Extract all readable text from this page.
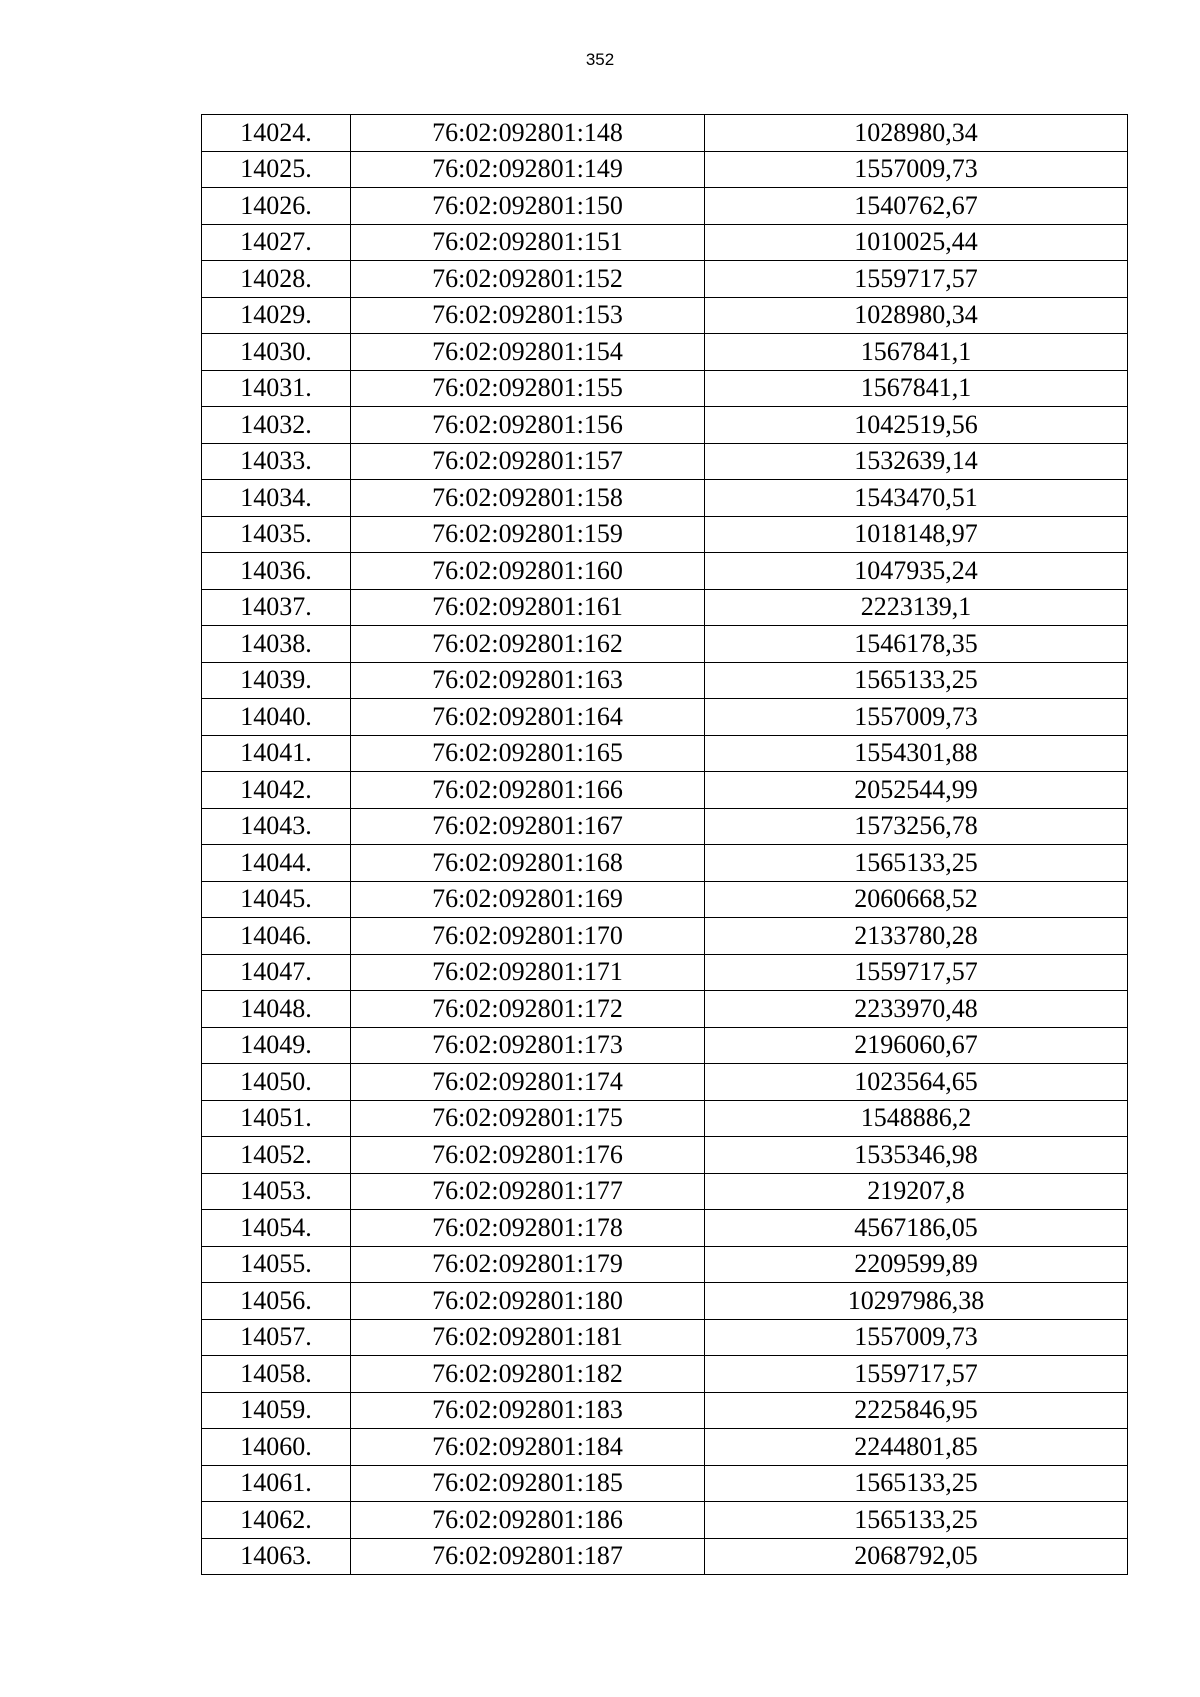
352
14024.	76:02:092801:148	1028980,34
14025.	76:02:092801:149	1557009,73
14026.	76:02:092801:150	1540762,67
14027.	76:02:092801:151	1010025,44
14028.	76:02:092801:152	1559717,57
14029.	76:02:092801:153	1028980,34
14030.	76:02:092801:154	1567841,1
14031.	76:02:092801:155	1567841,1
14032.	76:02:092801:156	1042519,56
14033.	76:02:092801:157	1532639,14
14034.	76:02:092801:158	1543470,51
14035.	76:02:092801:159	1018148,97
14036.	76:02:092801:160	1047935,24
14037.	76:02:092801:161	2223139,1
14038.	76:02:092801:162	1546178,35
14039.	76:02:092801:163	1565133,25
14040.	76:02:092801:164	1557009,73
14041.	76:02:092801:165	1554301,88
14042.	76:02:092801:166	2052544,99
14043.	76:02:092801:167	1573256,78
14044.	76:02:092801:168	1565133,25
14045.	76:02:092801:169	2060668,52
14046.	76:02:092801:170	2133780,28
14047.	76:02:092801:171	1559717,57
14048.	76:02:092801:172	2233970,48
14049.	76:02:092801:173	2196060,67
14050.	76:02:092801:174	1023564,65
14051.	76:02:092801:175	1548886,2
14052.	76:02:092801:176	1535346,98
14053.	76:02:092801:177	219207,8
14054.	76:02:092801:178	4567186,05
14055.	76:02:092801:179	2209599,89
14056.	76:02:092801:180	10297986,38
14057.	76:02:092801:181	1557009,73
14058.	76:02:092801:182	1559717,57
14059.	76:02:092801:183	2225846,95
14060.	76:02:092801:184	2244801,85
14061.	76:02:092801:185	1565133,25
14062.	76:02:092801:186	1565133,25
14063.	76:02:092801:187	2068792,05
